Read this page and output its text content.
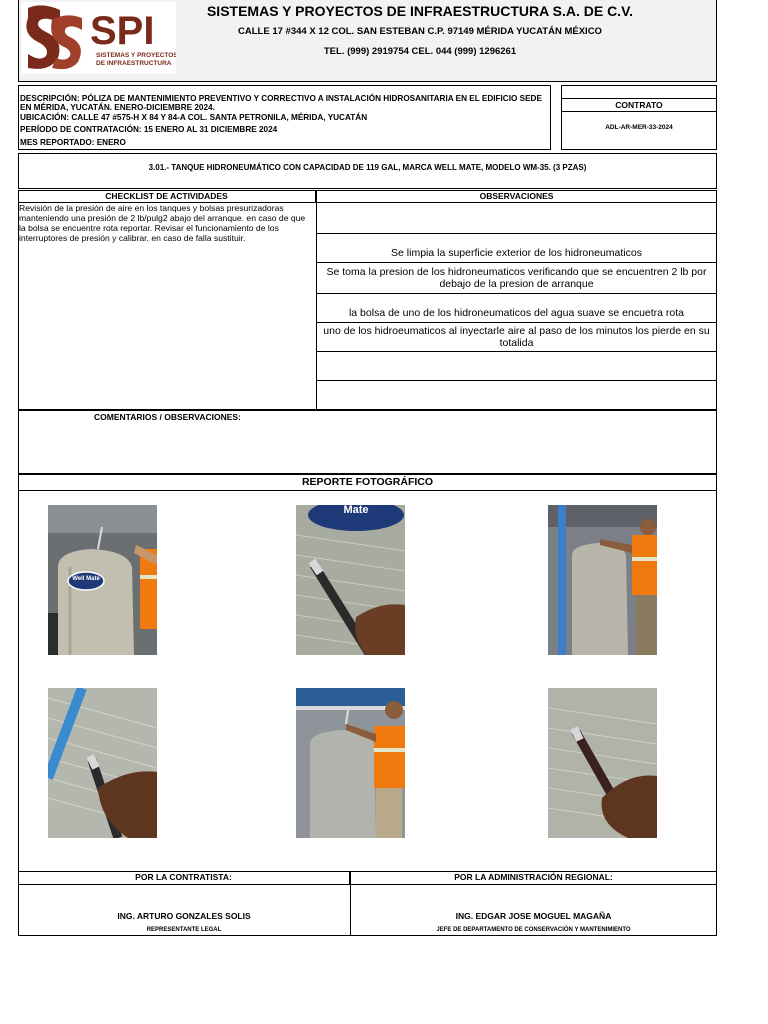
SPI
SISTEMAS Y PROYECTOS
DE INFRAESTRUCTURA
SISTEMAS Y PROYECTOS DE INFRAESTRUCTURA S.A. DE C.V.
CALLE 17 #344 X 12 COL. SAN ESTEBAN C.P. 97149 MÉRIDA YUCATÁN MÉXICO
TEL. (999) 2919754 CEL. 044 (999) 1296261
DESCRIPCIÓN: PÓLIZA DE MANTENIMIENTO PREVENTIVO Y CORRECTIVO A INSTALACIÓN HIDROSANITARIA EN EL EDIFICIO SEDE
EN MÉRIDA, YUCATÁN. ENERO-DICIEMBRE 2024.
UBICACIÓN: CALLE 47 #575-H X 84 Y 84-A COL. SANTA PETRONILA, MÉRIDA, YUCATÁN
PERÍODO DE CONTRATACIÓN: 15 ENERO AL 31 DICIEMBRE 2024
MES REPORTADO: ENERO
CONTRATO
ADL-AR-MER-33-2024
3.01.- TANQUE HIDRONEUMÁTICO CON CAPACIDAD DE 119 GAL, MARCA WELL MATE, MODELO WM-35. (3 PZAS)
CHECKLIST DE ACTIVIDADES	OBSERVACIONES
Revisión de la presión de aire en los tanques y bolsas presurizadoras manteniendo una presión de 2 lb/pulg2 abajo del arranque. en caso de que la bolsa se encuentre rota reportar. Revisar el funcionamiento de los interruptores de presión y calibrar. en caso de falla sustituir.
Se limpia la superficie exterior de los hidroneumaticos
Se toma la presion de los hidroneumaticos verificando que se encuentren 2 lb por debajo de la presion de arranque
la bolsa de uno de los hidroneumaticos del agua suave se encuetra rota
uno de los hidroeumaticos al inyectarle aire al paso de los minutos los pierde en su totalida
COMENTARIOS / OBSERVACIONES:
REPORTE FOTOGRÁFICO
Well Mate
Mate
POR LA CONTRATISTA:	POR LA ADMINISTRACIÓN REGIONAL:
ING. ARTURO GONZALES SOLIS
REPRESENTANTE LEGAL
ING. EDGAR JOSE MOGUEL MAGAÑA
JEFE DE DEPARTAMENTO DE CONSERVACIÓN Y MANTENIMIENTO
